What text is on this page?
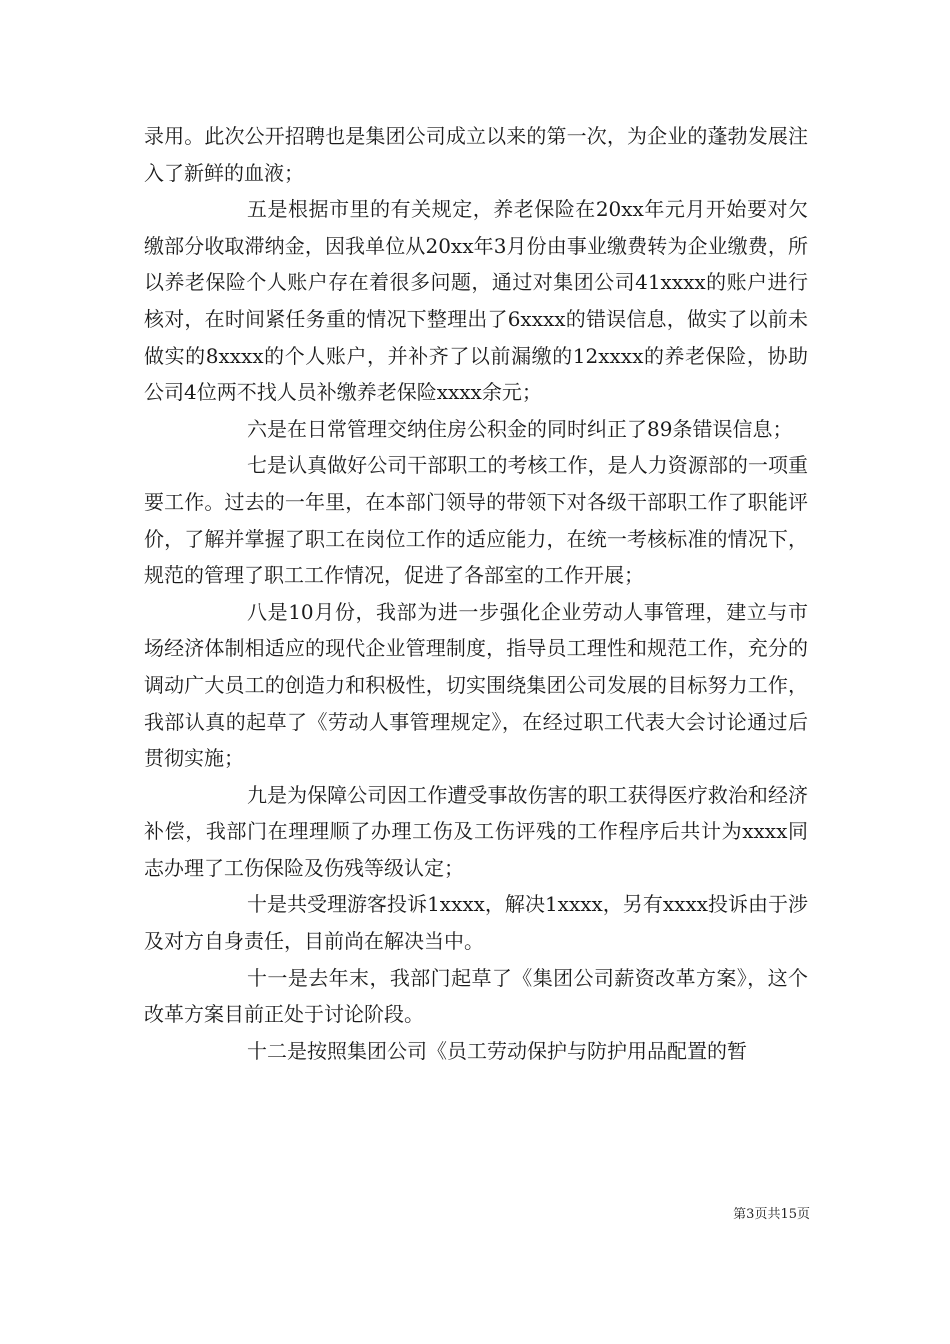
录用。此次公开招聘也是集团公司成立以来的第一次，为企业的蓬勃发展注入了新鲜的血液；

五是根据市里的有关规定，养老保险在20xx年元月开始要对欠缴部分收取滞纳金，因我单位从20xx年3月份由事业缴费转为企业缴费，所以养老保险个人账户存在着很多问题，通过对集团公司41xxxx的账户进行核对，在时间紧任务重的情况下整理出了6xxxx的错误信息，做实了以前未做实的8xxxx的个人账户，并补齐了以前漏缴的12xxxx的养老保险，协助公司4位两不找人员补缴养老保险xxxx余元；

六是在日常管理交纳住房公积金的同时纠正了89条错误信息；

七是认真做好公司干部职工的考核工作，是人力资源部的一项重要工作。过去的一年里，在本部门领导的带领下对各级干部职工作了职能评价，了解并掌握了职工在岗位工作的适应能力，在统一考核标准的情况下，规范的管理了职工工作情况，促进了各部室的工作开展；

八是10月份，我部为进一步强化企业劳动人事管理，建立与市场经济体制相适应的现代企业管理制度，指导员工理性和规范工作，充分的调动广大员工的创造力和积极性，切实围绕集团公司发展的目标努力工作，我部认真的起草了《劳动人事管理规定》，在经过职工代表大会讨论通过后贯彻实施；

九是为保障公司因工作遭受事故伤害的职工获得医疗救治和经济补偿，我部门在理理顺了办理工伤及工伤评残的工作程序后共计为xxxx同志办理了工伤保险及伤残等级认定；

十是共受理游客投诉1xxxx，解决1xxxx，另有xxxx投诉由于涉及对方自身责任，目前尚在解决当中。

十一是去年末，我部门起草了《集团公司薪资改革方案》，这个改革方案目前正处于讨论阶段。

十二是按照集团公司《员工劳动保护与防护用品配置的暂

第3页共15页
